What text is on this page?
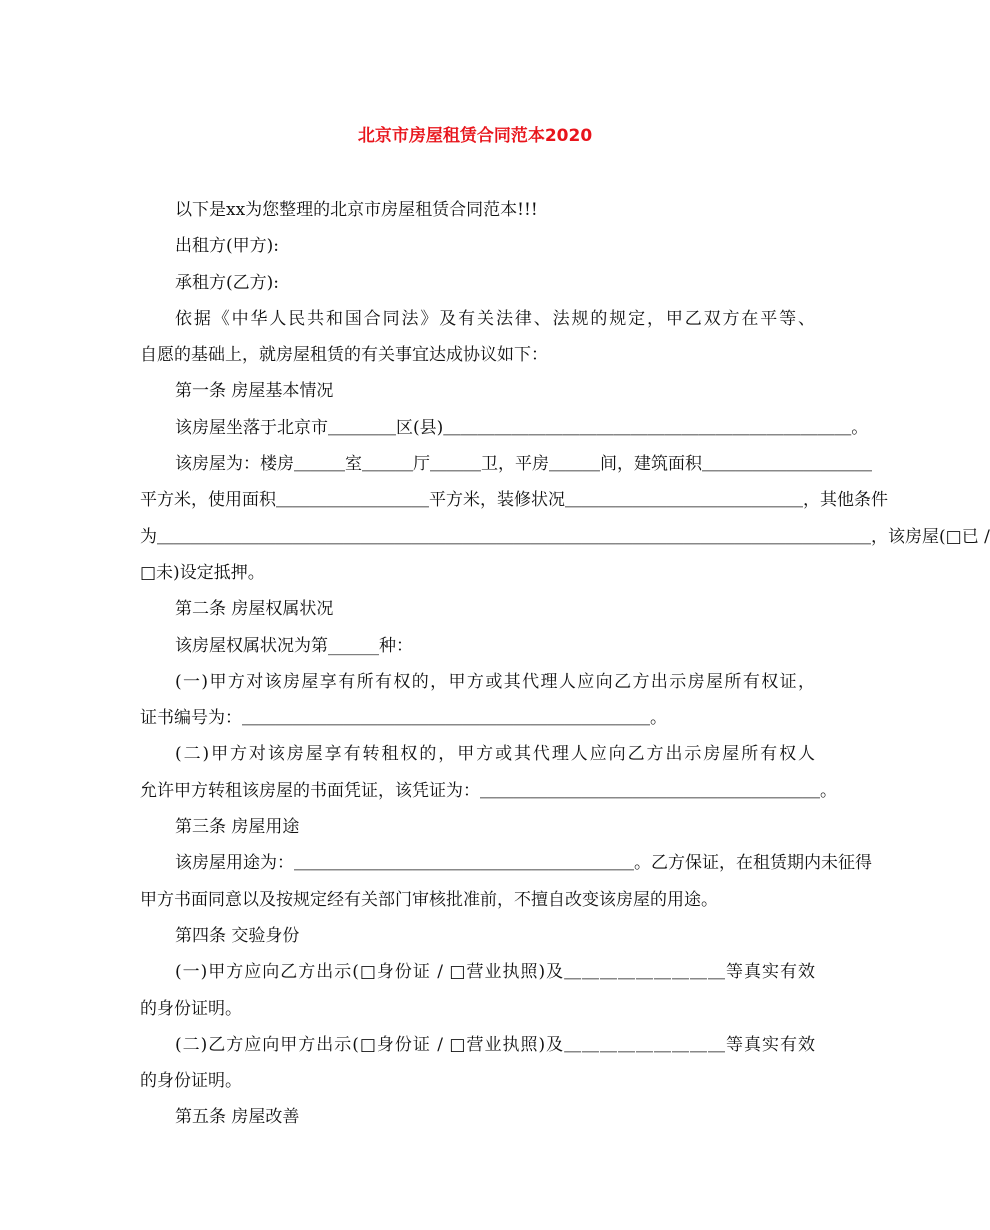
北京市房屋租赁合同范本2020
以下是xx为您整理的北京市房屋租赁合同范本!!!
出租方(甲方):
承租方(乙方):
依据《中华人民共和国合同法》及有关法律、法规的规定，甲乙双方在平等、
自愿的基础上，就房屋租赁的有关事宜达成协议如下：
第一条 房屋基本情况
该房屋坐落于北京市＿＿＿＿区(县)＿＿＿＿＿＿＿＿＿＿＿＿＿＿＿＿＿＿＿＿＿＿＿＿。
该房屋为：楼房＿＿＿室＿＿＿厅＿＿＿卫，平房＿＿＿间，建筑面积＿＿＿＿＿＿＿＿＿＿
平方米，使用面积＿＿＿＿＿＿＿＿＿平方米，装修状况＿＿＿＿＿＿＿＿＿＿＿＿＿＿，其他条件
为＿＿＿＿＿＿＿＿＿＿＿＿＿＿＿＿＿＿＿＿＿＿＿＿＿＿＿＿＿＿＿＿＿＿＿＿＿＿＿＿＿＿，该房屋(□已 /
□未)设定抵押。
第二条 房屋权属状况
该房屋权属状况为第______种：
(一)甲方对该房屋享有所有权的，甲方或其代理人应向乙方出示房屋所有权证，
证书编号为：＿＿＿＿＿＿＿＿＿＿＿＿＿＿＿＿＿＿＿＿＿＿＿＿。
(二)甲方对该房屋享有转租权的，甲方或其代理人应向乙方出示房屋所有权人
允许甲方转租该房屋的书面凭证，该凭证为：＿＿＿＿＿＿＿＿＿＿＿＿＿＿＿＿＿＿＿＿。
第三条 房屋用途
该房屋用途为：＿＿＿＿＿＿＿＿＿＿＿＿＿＿＿＿＿＿＿＿。乙方保证，在租赁期内未征得
甲方书面同意以及按规定经有关部门审核批准前，不擅自改变该房屋的用途。
第四条 交验身份
(一)甲方应向乙方出示(□身份证 / □营业执照)及＿＿＿＿＿＿＿＿＿等真实有效
的身份证明。
(二)乙方应向甲方出示(□身份证 / □营业执照)及＿＿＿＿＿＿＿＿＿等真实有效
的身份证明。
第五条 房屋改善
